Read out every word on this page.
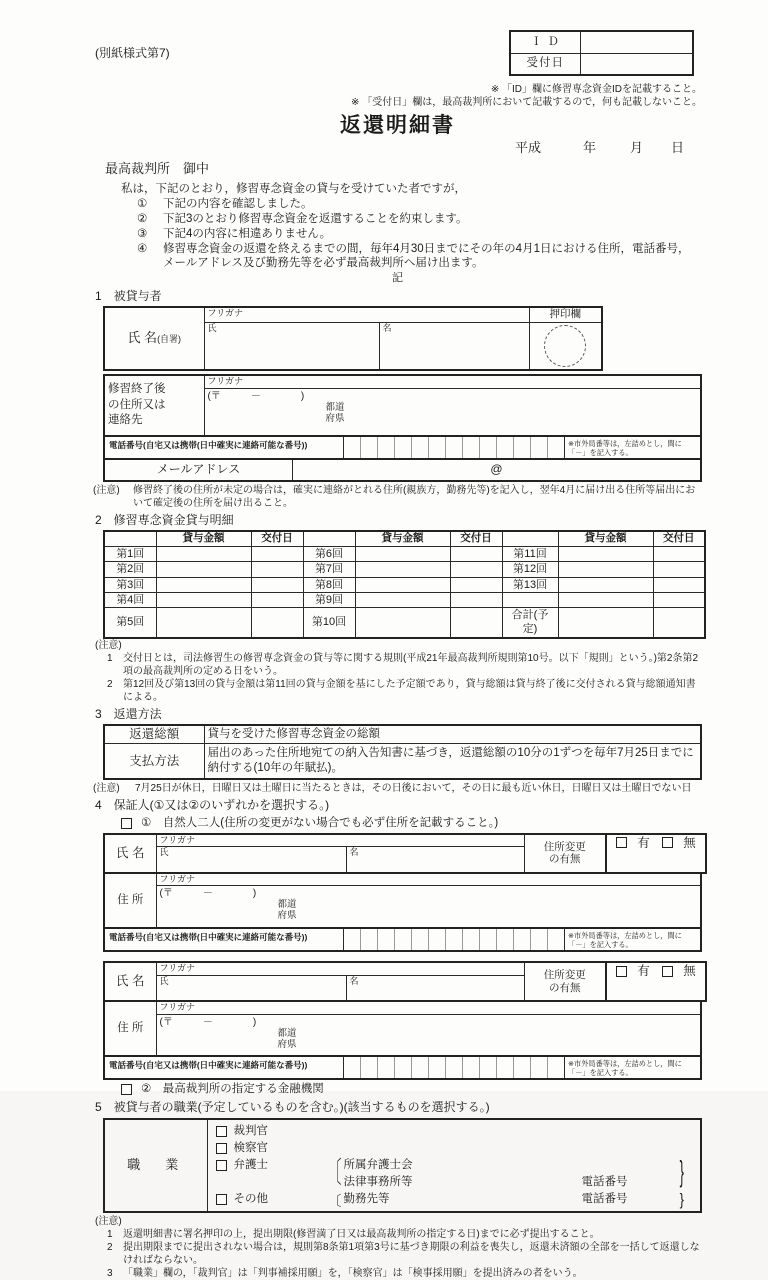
(別紙様式第7)
Ｉ Ｄ	
受付日	
※ 「ID」欄に修習専念資金IDを記載すること。
※ 「受付日」欄は，最高裁判所において記載するので，何も記載しないこと。
返還明細書
平成	年	月 日
最高裁判所　御中
私は，下記のとおり，修習専念資金の貸与を受けていた者ですが，
①	下記の内容を確認しました。
②	下記3のとおり修習専念資金を返還することを約束します。
③	下記4の内容に相違ありません。
④	修習専念資金の返還を終えるまでの間，毎年4月30日までにその年の4月1日における住所，電話番号，メールアドレス及び勤務先等を必ず最高裁判所へ届け出ます。
記
1　被貸与者
氏 名(自署)	フリガナ		押印欄
	氏	名	
修習終了後
の住所又は
連絡先
	フリガナ

(〒　　　－　　　　)
都道
府県
電話番号(自宅又は携帯(日中確実に連絡可能な番号))	※市外局番等は，左詰めとし，間に「－」を記入する。
メールアドレス	@
(注意)	修習終了後の住所が未定の場合は，確実に連絡がとれる住所(親族方，勤務先等)を記入し，翌年4月に届け出る住所等届出において確定後の住所を届け出ること。
2　修習専念資金貸与明細
	貸与金額	交付日		貸与金額	交付日		貸与金額	交付日
第1回			第6回			第11回		
第2回			第7回			第12回		
第3回			第8回			第13回		
第4回			第9回					
第5回			第10回			合計(予定)		
(注意)
1	交付日とは，司法修習生の修習専念資金の貸与等に関する規則(平成21年最高裁判所規則第10号。以下「規則」という。)第2条第2項の最高裁判所の定める日をいう。
2	第12回及び第13回の貸与金額は第11回の貸与金額を基にした予定額であり，貸与総額は貸与終了後に交付される貸与総額通知書による。
3　返還方法
返還総額	貸与を受けた修習専念資金の総額
支払方法	届出のあった住所地宛ての納入告知書に基づき，返還総額の10分の1ずつを毎年7月25日までに納付する(10年の年賦払)。
(注意)	7月25日が休日，日曜日又は土曜日に当たるときは，その日後において，その日に最も近い休日，日曜日又は土曜日でない日
4　保証人(①又は②のいずれかを選択する。)
①　自然人二人(住所の変更がない場合でも必ず住所を記載すること。)
氏 名	フリガナ	
住所変更
の有無

有	無

	氏	名		
住 所	フリガナ

(〒　　　－　　　　)
都道
府県
電話番号(自宅又は携帯(日中確実に連絡可能な番号))	※市外局番等は，左詰めとし，間に「－」を記入する。
氏 名	フリガナ	
住所変更
の有無

有	無

	氏	名		
住 所	フリガナ

(〒　　　－　　　　)
都道
府県
電話番号(自宅又は携帯(日中確実に連絡可能な番号))	※市外局番等は，左詰めとし，間に「－」を記入する。
②　最高裁判所の指定する金融機関
5　被貸与者の職業(予定しているものを含む。)(該当するものを選択する。)
職　業	
裁判官
検察官
弁護士	〔 所属弁護士会
法律事務所等	電話番号	}
その他	〔 勤務先等	電話番号	}
(注意)
1	返還明細書に署名押印の上，提出期限(修習満了日又は最高裁判所の指定する日)までに必ず提出すること。
2	提出期限までに提出されない場合は，規則第8条第1項第3号に基づき期限の利益を喪失し，返還未済額の全部を一括して返還しなければならない。
3	「職業」欄の，「裁判官」は「判事補採用願」を，「検察官」は「検事採用願」を提出済みの者をいう。
